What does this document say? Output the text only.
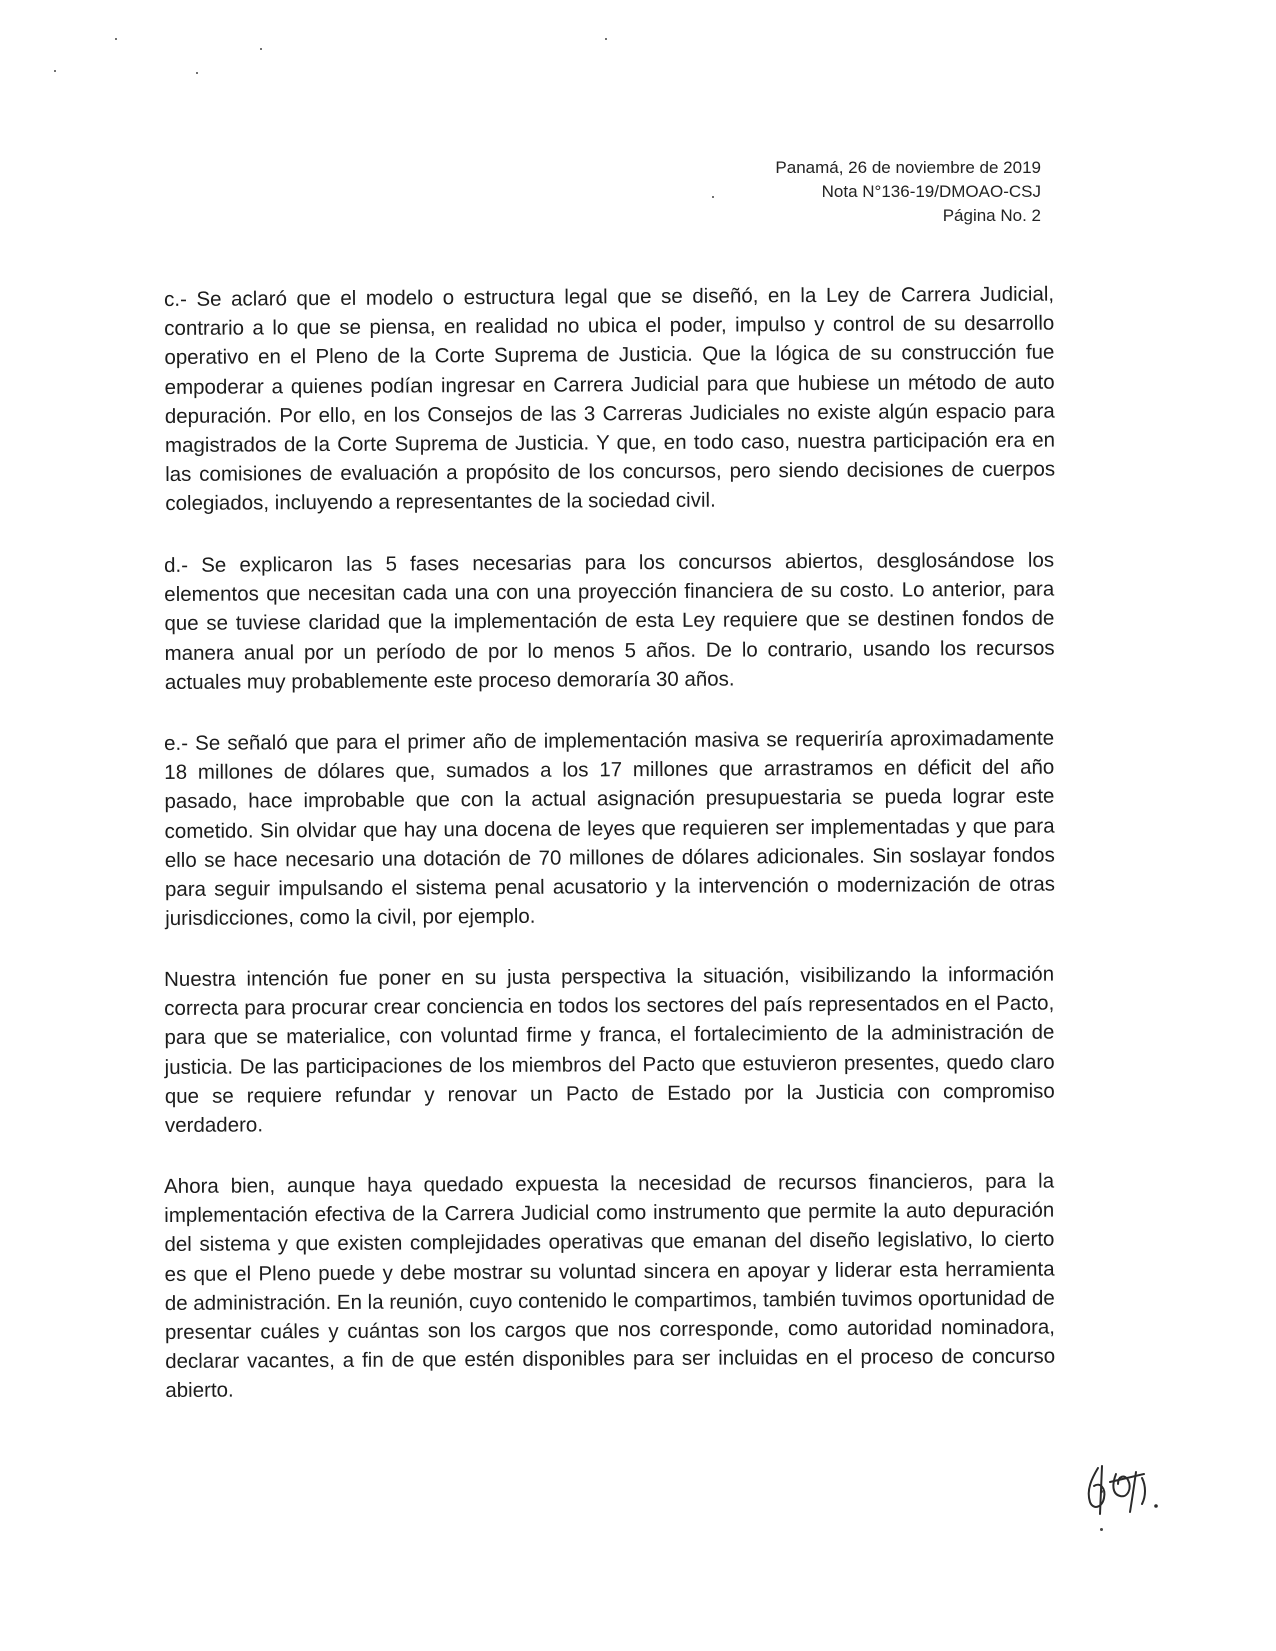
Panamá, 26 de noviembre de 2019
Nota N°136-19/DMOAO-CSJ
Página No. 2

c.- Se aclaró que el modelo o estructura legal que se diseñó, en la Ley de Carrera Judicial, contrario a lo que se piensa, en realidad no ubica el poder, impulso y control de su desarrollo operativo en el Pleno de la Corte Suprema de Justicia. Que la lógica de su construcción fue empoderar a quienes podían ingresar en Carrera Judicial para que hubiese un método de auto depuración. Por ello, en los Consejos de las 3 Carreras Judiciales no existe algún espacio para magistrados de la Corte Suprema de Justicia. Y que, en todo caso, nuestra participación era en las comisiones de evaluación a propósito de los concursos, pero siendo decisiones de cuerpos colegiados, incluyendo a representantes de la sociedad civil.

d.- Se explicaron las 5 fases necesarias para los concursos abiertos, desglosándose los elementos que necesitan cada una con una proyección financiera de su costo. Lo anterior, para que se tuviese claridad que la implementación de esta Ley requiere que se destinen fondos de manera anual por un período de por lo menos 5 años. De lo contrario, usando los recursos actuales muy probablemente este proceso demoraría 30 años.

e.- Se señaló que para el primer año de implementación masiva se requeriría aproximadamente 18 millones de dólares que, sumados a los 17 millones que arrastramos en déficit del año pasado, hace improbable que con la actual asignación presupuestaria se pueda lograr este cometido. Sin olvidar que hay una docena de leyes que requieren ser implementadas y que para ello se hace necesario una dotación de 70 millones de dólares adicionales. Sin soslayar fondos para seguir impulsando el sistema penal acusatorio y la intervención o modernización de otras jurisdicciones, como la civil, por ejemplo.

Nuestra intención fue poner en su justa perspectiva la situación, visibilizando la información correcta para procurar crear conciencia en todos los sectores del país representados en el Pacto, para que se materialice, con voluntad firme y franca, el fortalecimiento de la administración de justicia. De las participaciones de los miembros del Pacto que estuvieron presentes, quedo claro que se requiere refundar y renovar un Pacto de Estado por la Justicia con compromiso verdadero.

Ahora bien, aunque haya quedado expuesta la necesidad de recursos financieros, para la implementación efectiva de la Carrera Judicial como instrumento que permite la auto depuración del sistema y que existen complejidades operativas que emanan del diseño legislativo, lo cierto es que el Pleno puede y debe mostrar su voluntad sincera en apoyar y liderar esta herramienta de administración. En la reunión, cuyo contenido le compartimos, también tuvimos oportunidad de presentar cuáles y cuántas son los cargos que nos corresponde, como autoridad nominadora, declarar vacantes, a fin de que estén disponibles para ser incluidas en el proceso de concurso abierto.
